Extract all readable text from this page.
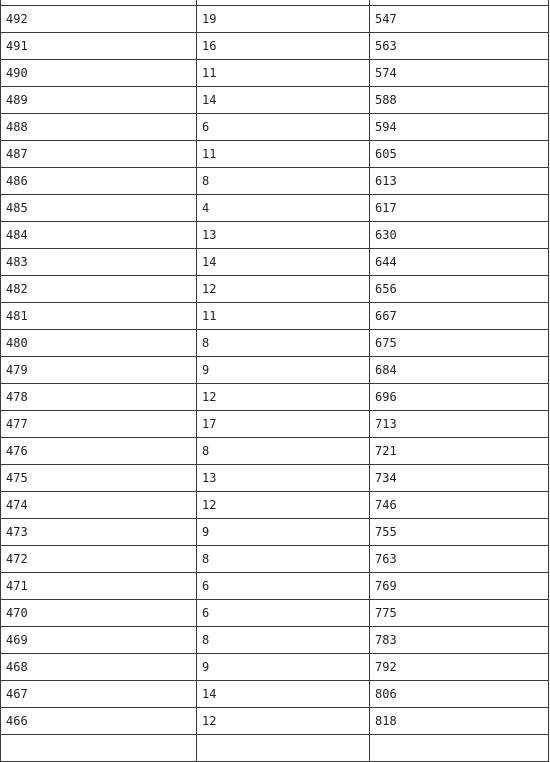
492	19	547
491	16	563
490	11	574
489	14	588
488	6	594
487	11	605
486	8	613
485	4	617
484	13	630
483	14	644
482	12	656
481	11	667
480	8	675
479	9	684
478	12	696
477	17	713
476	8	721
475	13	734
474	12	746
473	9	755
472	8	763
471	6	769
470	6	775
469	8	783
468	9	792
467	14	806
466	12	818
